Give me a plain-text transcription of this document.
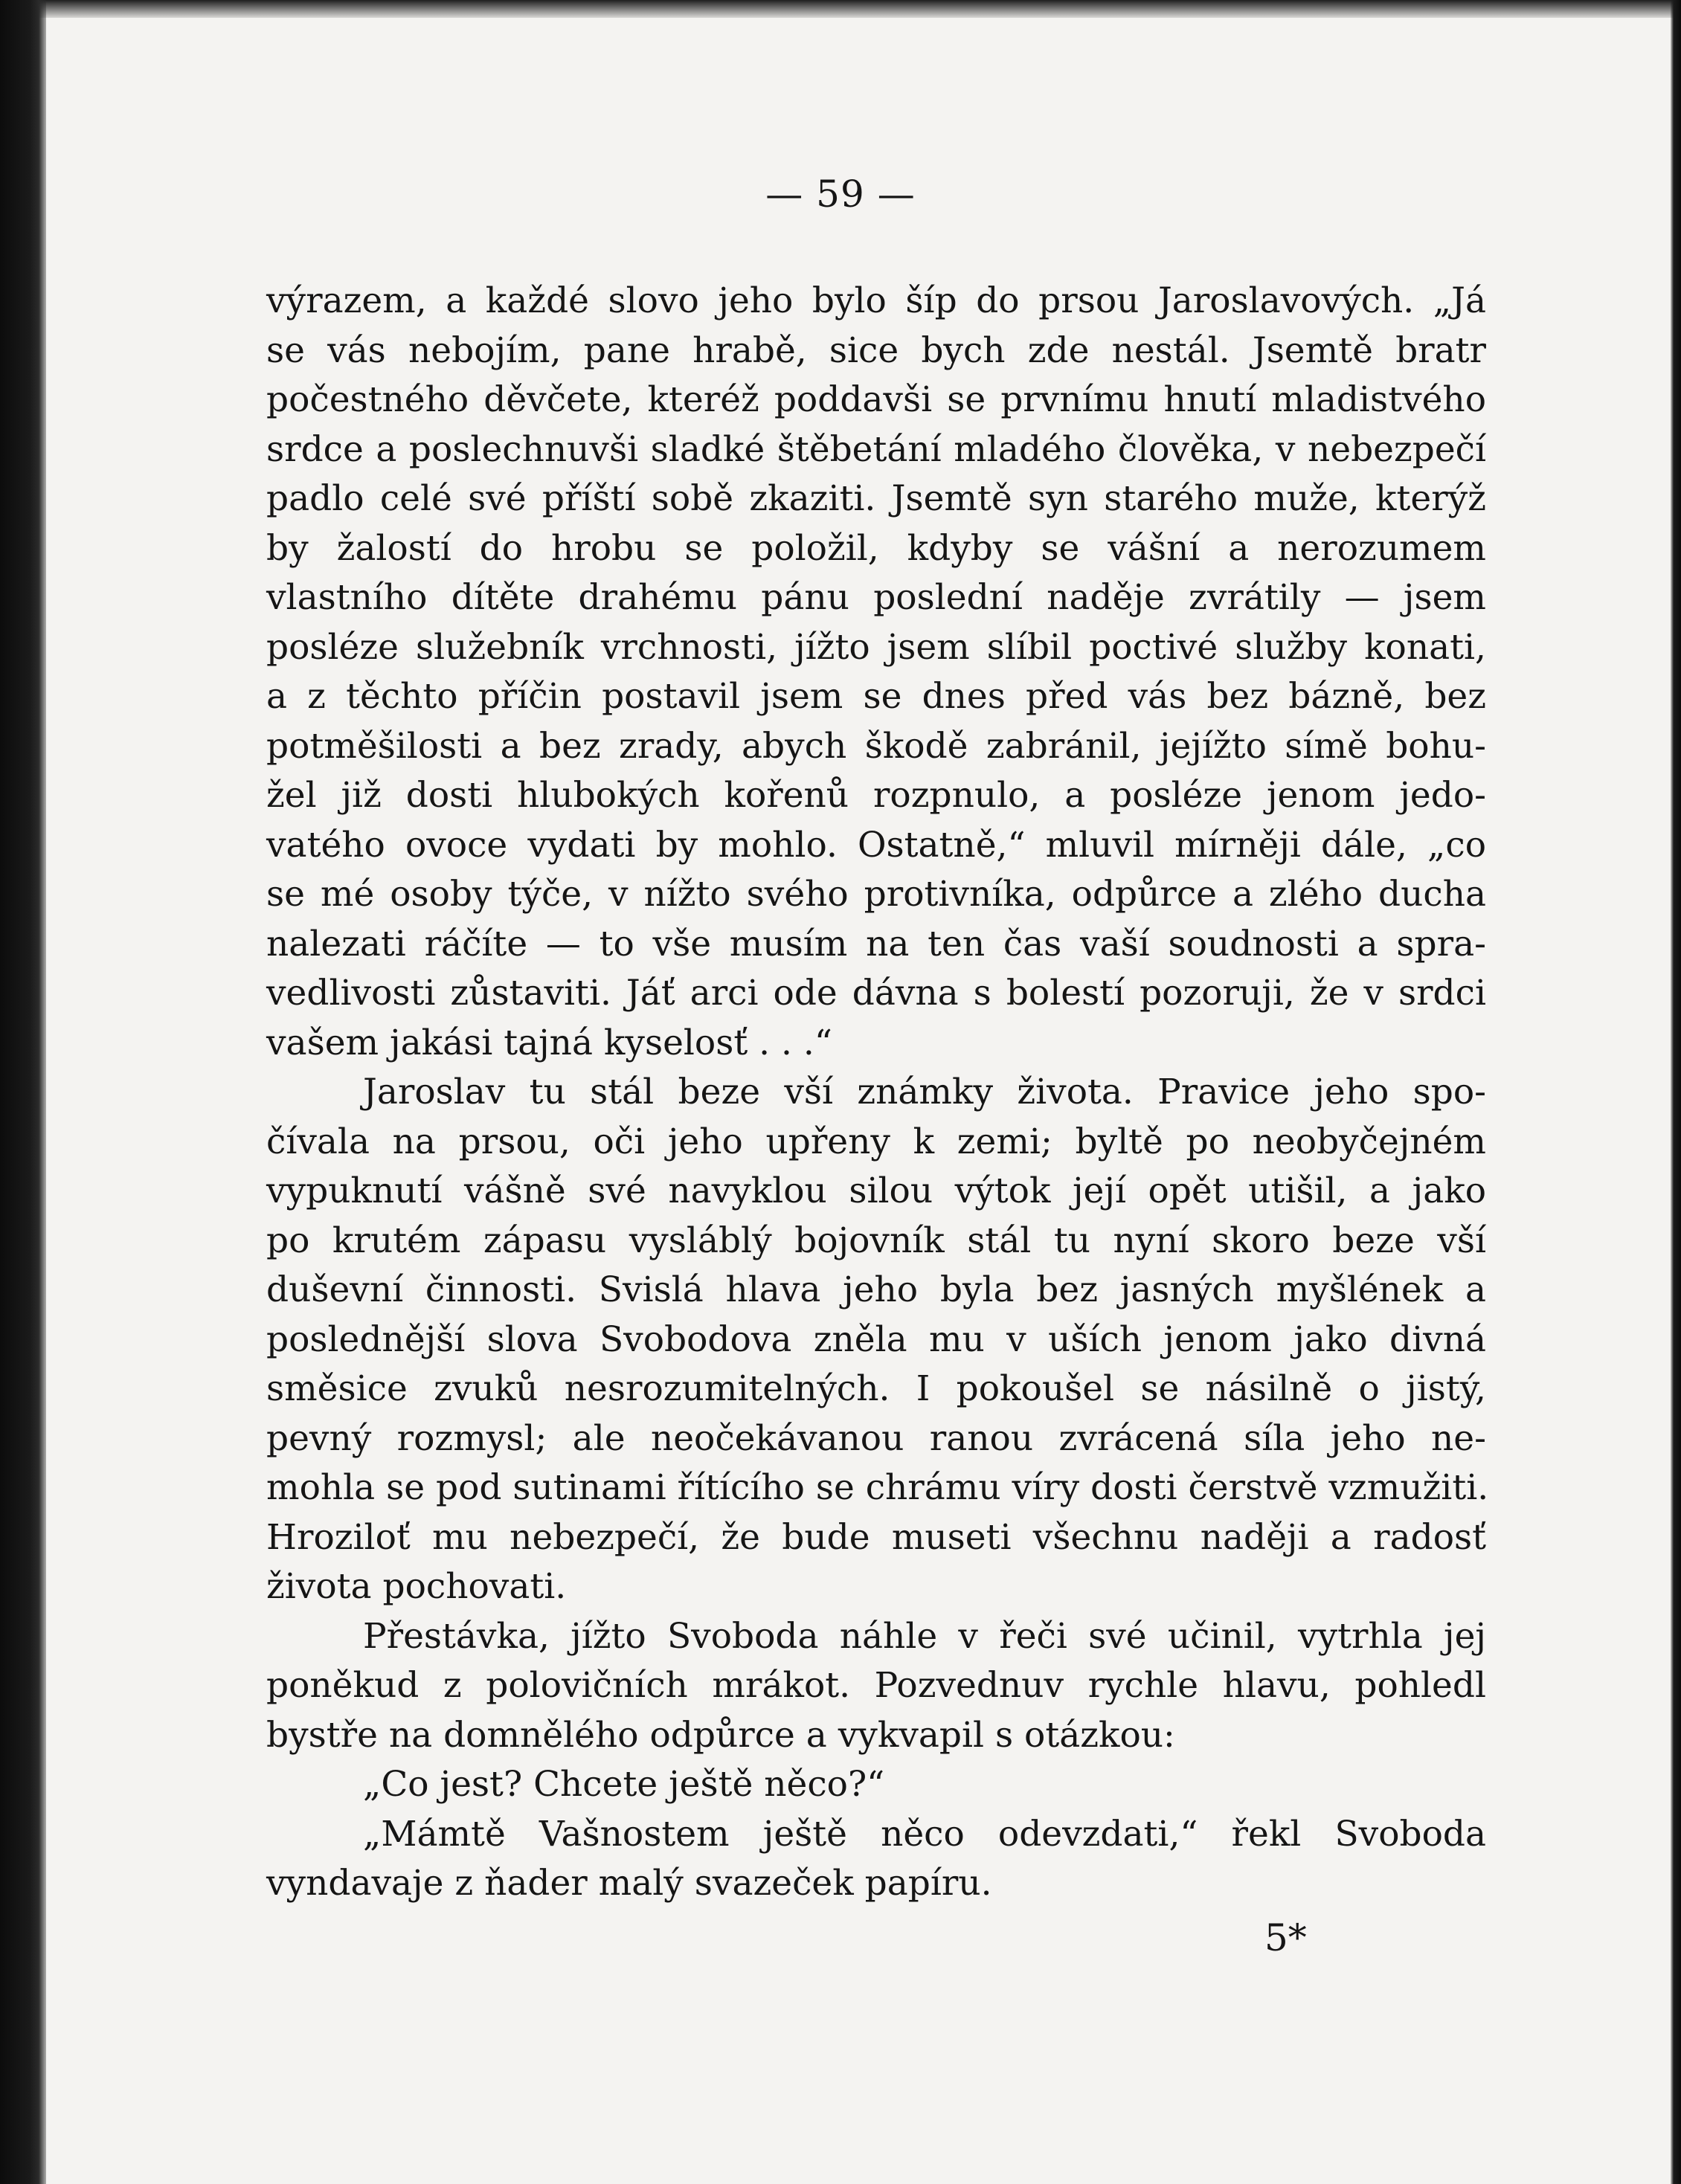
— 59 —
výrazem, a každé slovo jeho bylo šíp do prsou Jaroslavových. „Já
se vás nebojím, pane hrabě, sice bych zde nestál. Jsemtě bratr
počestného děvčete, kteréž poddavši se prvnímu hnutí mladistvého
srdce a poslechnuvši sladké štěbetání mladého člověka, v nebezpečí
padlo celé své příští sobě zkaziti. Jsemtě syn starého muže, kterýž
by žalostí do hrobu se položil, kdyby se vášní a nerozumem
vlastního dítěte drahému pánu poslední naděje zvrátily — jsem
posléze služebník vrchnosti, jížto jsem slíbil poctivé služby konati,
a z těchto příčin postavil jsem se dnes před vás bez bázně, bez
potměšilosti a bez zrady, abych škodě zabránil, jejížto símě bohu-
žel již dosti hlubokých kořenů rozpnulo, a posléze jenom jedo-
vatého ovoce vydati by mohlo. Ostatně,“ mluvil mírněji dále, „co
se mé osoby týče, v nížto svého protivníka, odpůrce a zlého ducha
nalezati ráčíte — to vše musím na ten čas vaší soudnosti a spra-
vedlivosti zůstaviti. Jáť arci ode dávna s bolestí pozoruji, že v srdci
vašem jakási tajná kyselosť . . .“
Jaroslav tu stál beze vší známky života. Pravice jeho spo-
čívala na prsou, oči jeho upřeny k zemi; byltě po neobyčejném
vypuknutí vášně své navyklou silou výtok její opět utišil, a jako
po krutém zápasu vysláblý bojovník stál tu nyní skoro beze vší
duševní činnosti. Svislá hlava jeho byla bez jasných myšlének a
poslednější slova Svobodova zněla mu v uších jenom jako divná
směsice zvuků nesrozumitelných. I pokoušel se násilně o jistý,
pevný rozmysl; ale neočekávanou ranou zvrácená síla jeho ne-
mohla se pod sutinami řítícího se chrámu víry dosti čerstvě vzmužiti.
Hroziloť mu nebezpečí, že bude museti všechnu naději a radosť
života pochovati.
Přestávka, jížto Svoboda náhle v řeči své učinil, vytrhla jej
poněkud z polovičních mrákot. Pozvednuv rychle hlavu, pohledl
bystře na domnělého odpůrce a vykvapil s otázkou:
„Co jest? Chcete ještě něco?“
„Mámtě Vašnostem ještě něco odevzdati,“ řekl Svoboda
vyndavaje z ňader malý svazeček papíru.
5*
